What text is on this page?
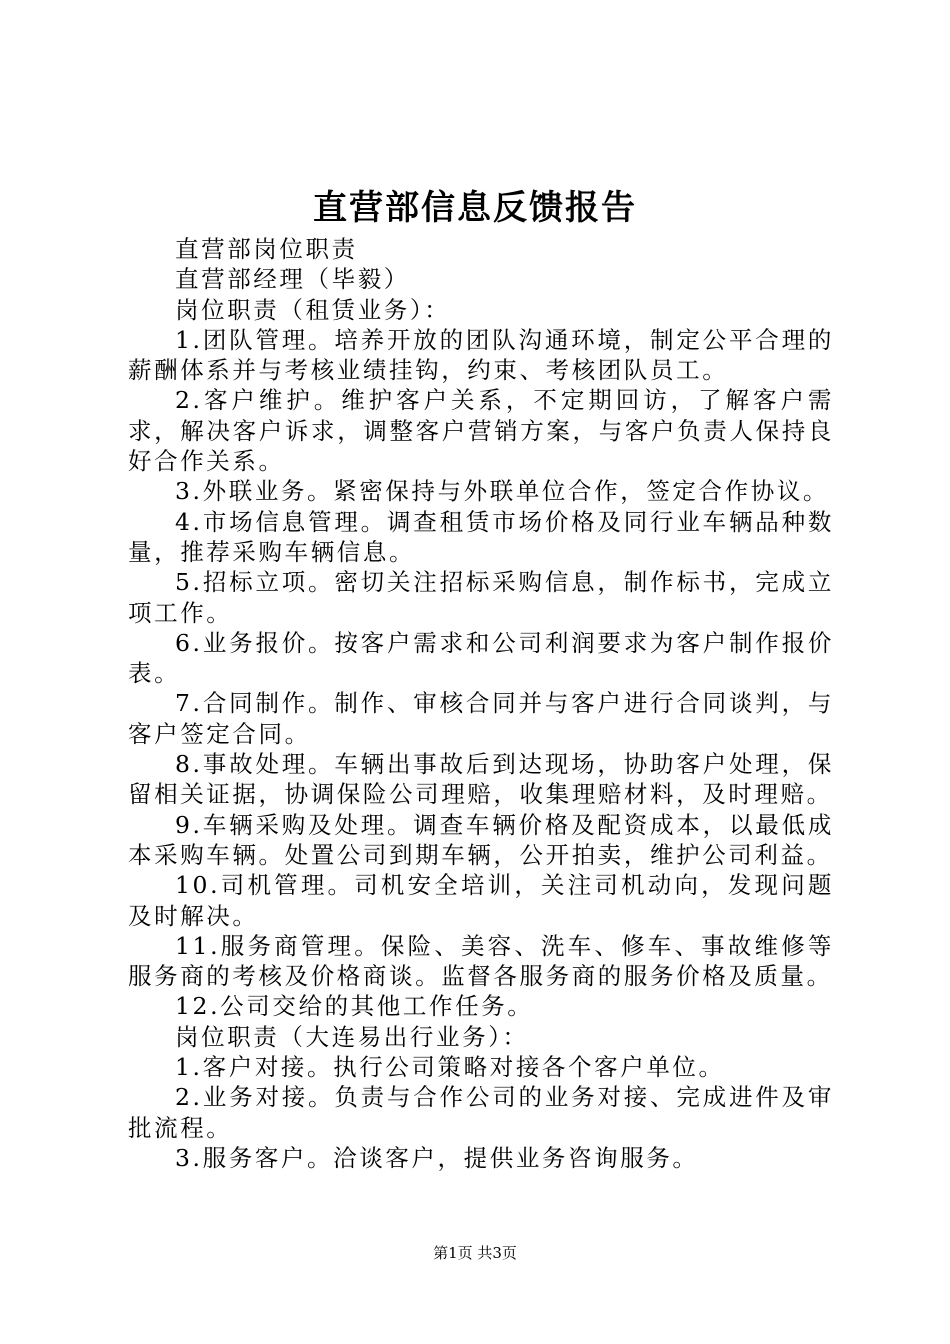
直营部信息反馈报告

直营部岗位职责

直营部经理（毕毅）

岗位职责（租赁业务）：

1.团队管理。培养开放的团队沟通环境，制定公平合理的薪酬体系并与考核业绩挂钩，约束、考核团队员工。

2.客户维护。维护客户关系，不定期回访，了解客户需求，解决客户诉求，调整客户营销方案，与客户负责人保持良好合作关系。

3.外联业务。紧密保持与外联单位合作，签定合作协议。

4.市场信息管理。调查租赁市场价格及同行业车辆品种数量，推荐采购车辆信息。

5.招标立项。密切关注招标采购信息，制作标书，完成立项工作。

6.业务报价。按客户需求和公司利润要求为客户制作报价表。

7.合同制作。制作、审核合同并与客户进行合同谈判，与客户签定合同。

8.事故处理。车辆出事故后到达现场，协助客户处理，保留相关证据，协调保险公司理赔，收集理赔材料，及时理赔。

9.车辆采购及处理。调查车辆价格及配资成本，以最低成本采购车辆。处置公司到期车辆，公开拍卖，维护公司利益。

10.司机管理。司机安全培训，关注司机动向，发现问题及时解决。

11.服务商管理。保险、美容、洗车、修车、事故维修等服务商的考核及价格商谈。监督各服务商的服务价格及质量。

12.公司交给的其他工作任务。

岗位职责（大连易出行业务）：

1.客户对接。执行公司策略对接各个客户单位。

2.业务对接。负责与合作公司的业务对接、完成进件及审批流程。

3.服务客户。洽谈客户，提供业务咨询服务。

第1页 共3页
